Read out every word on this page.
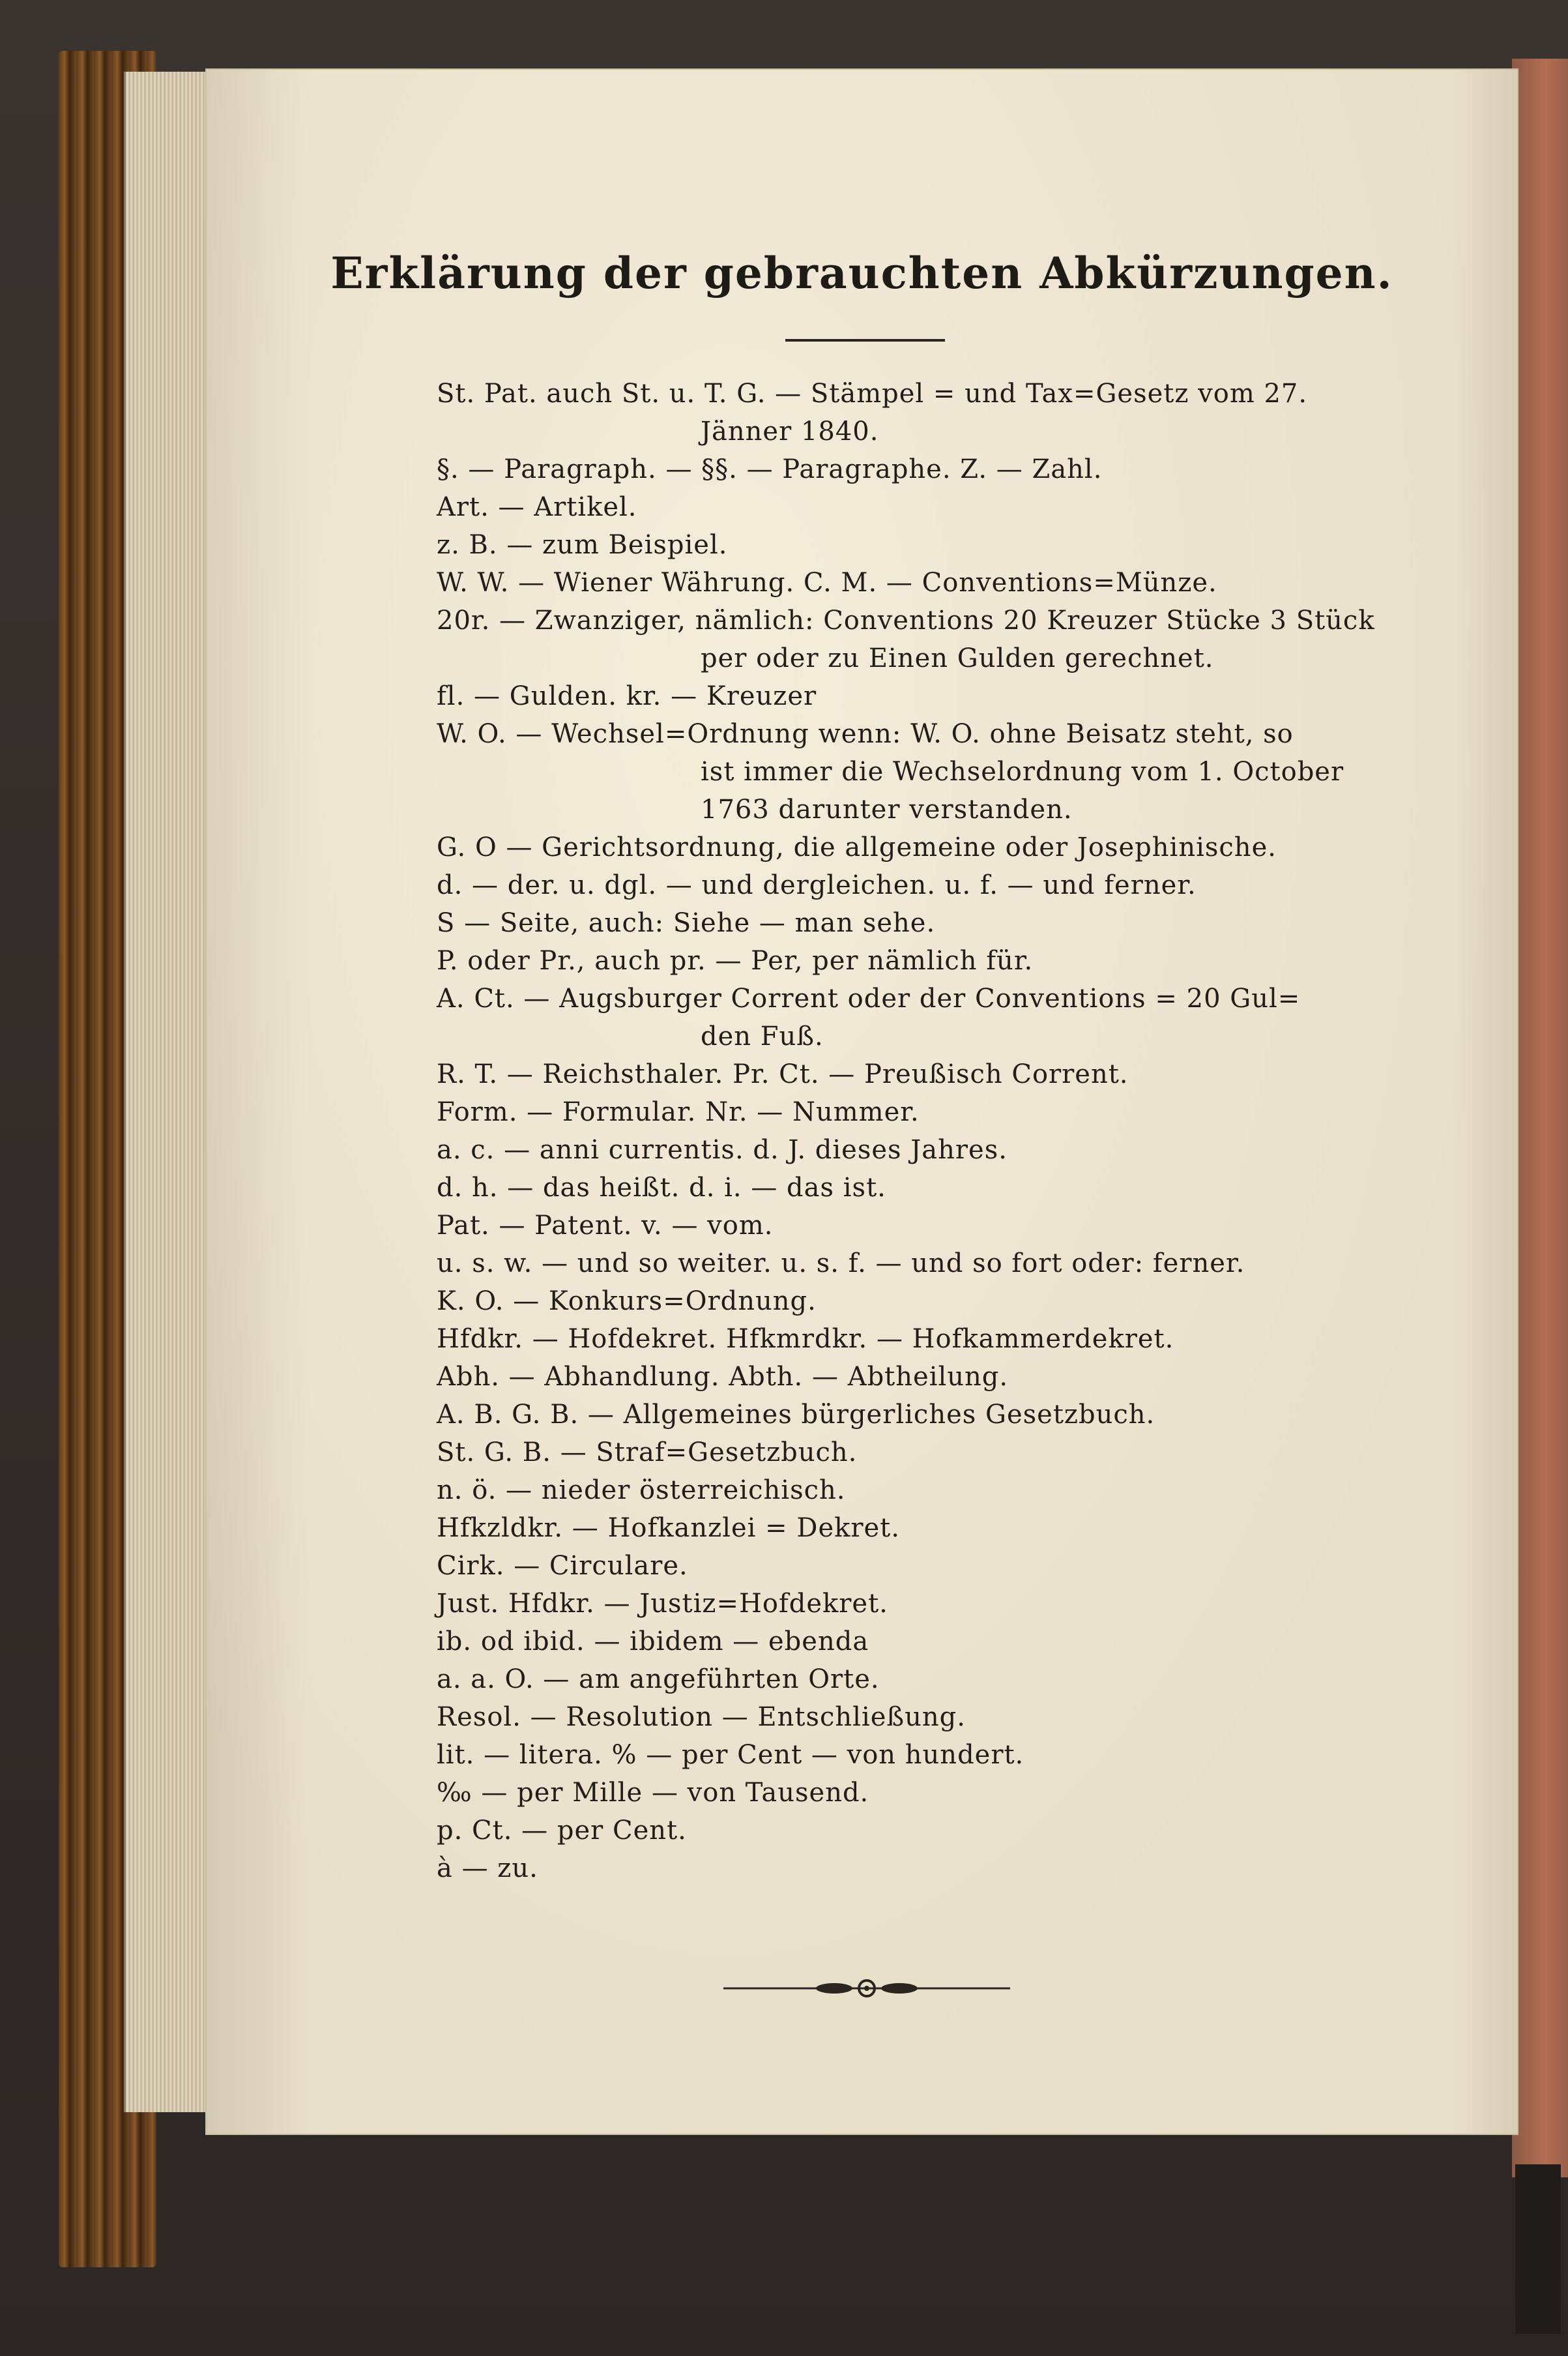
Erklärung der gebrauchten Abkürzungen.
St. Pat. auch St. u. T. G. — Stämpel = und Tax=Gesetz vom 27.
Jänner 1840.
§. — Paragraph. — §§. — Paragraphe. Z. — Zahl.
Art. — Artikel.
z. B. — zum Beispiel.
W. W. — Wiener Währung. C. M. — Conventions=Münze.
20r. — Zwanziger, nämlich: Conventions 20 Kreuzer Stücke 3 Stück
per oder zu Einen Gulden gerechnet.
fl. — Gulden. kr. — Kreuzer
W. O. — Wechsel=Ordnung wenn: W. O. ohne Beisatz steht, so
ist immer die Wechselordnung vom 1. October
1763 darunter verstanden.
G. O — Gerichtsordnung, die allgemeine oder Josephinische.
d. — der. u. dgl. — und dergleichen. u. f. — und ferner.
S — Seite, auch: Siehe — man sehe.
P. oder Pr., auch pr. — Per, per nämlich für.
A. Ct. — Augsburger Corrent oder der Conventions = 20 Gul=
den Fuß.
R. T. — Reichsthaler. Pr. Ct. — Preußisch Corrent.
Form. — Formular. Nr. — Nummer.
a. c. — anni currentis. d. J. dieses Jahres.
d. h. — das heißt. d. i. — das ist.
Pat. — Patent. v. — vom.
u. s. w. — und so weiter. u. s. f. — und so fort oder: ferner.
K. O. — Konkurs=Ordnung.
Hfdkr. — Hofdekret. Hfkmrdkr. — Hofkammerdekret.
Abh. — Abhandlung. Abth. — Abtheilung.
A. B. G. B. — Allgemeines bürgerliches Gesetzbuch.
St. G. B. — Straf=Gesetzbuch.
n. ö. — nieder österreichisch.
Hfkzldkr. — Hofkanzlei = Dekret.
Cirk. — Circulare.
Just. Hfdkr. — Justiz=Hofdekret.
ib. od ibid. — ibidem — ebenda
a. a. O. — am angeführten Orte.
Resol. — Resolution — Entschließung.
lit. — litera. % — per Cent — von hundert.
‰ — per Mille — von Tausend.
p. Ct. — per Cent.
à — zu.
